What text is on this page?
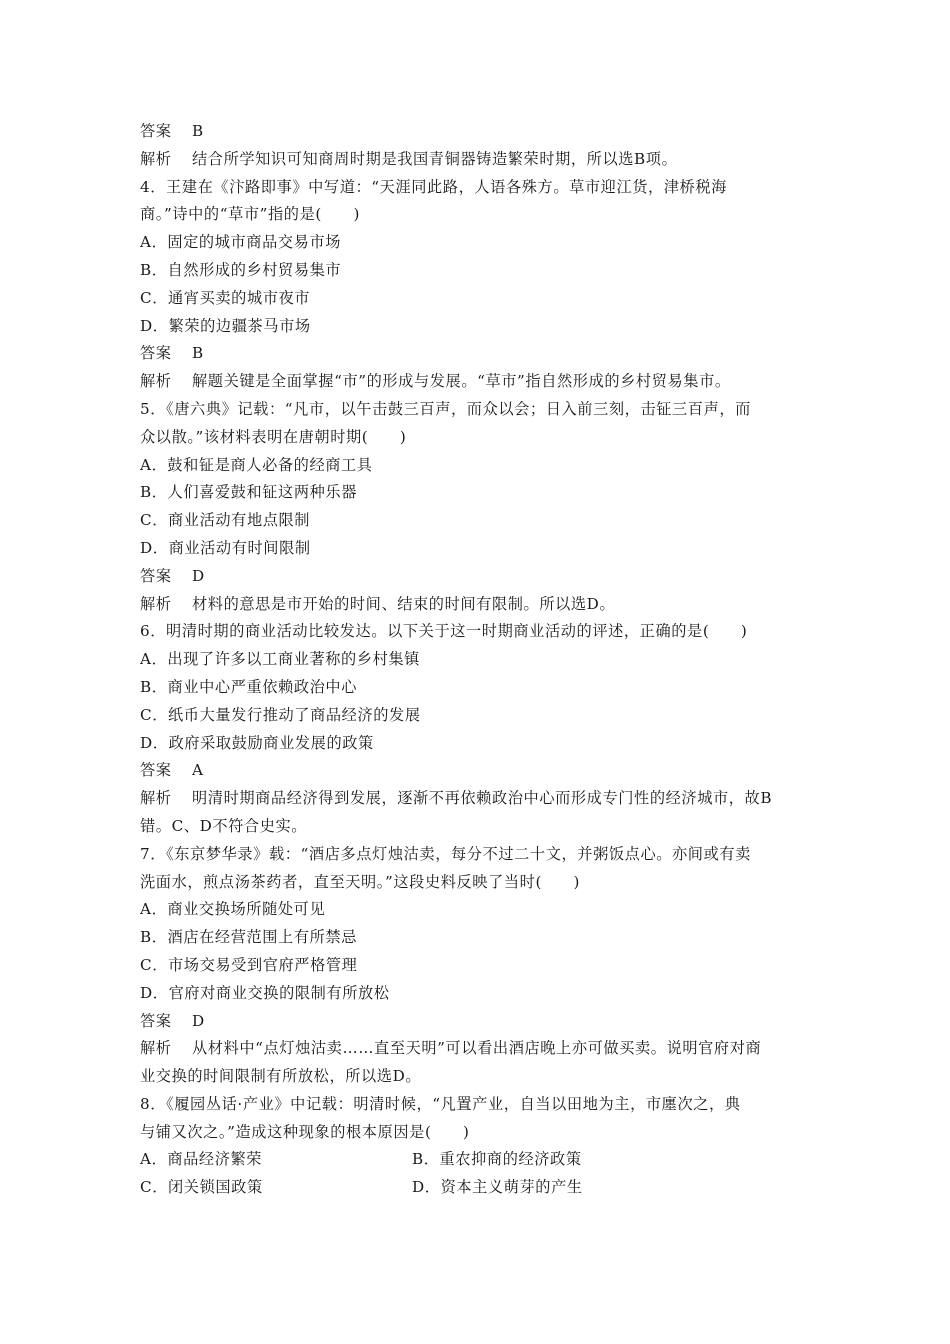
答案 B
解析 结合所学知识可知商周时期是我国青铜器铸造繁荣时期，所以选B项。
4．王建在《汴路即事》中写道：“天涯同此路，人语各殊方。草市迎江货，津桥税海
商。”诗中的“草市”指的是(　　)
A．固定的城市商品交易市场
B．自然形成的乡村贸易集市
C．通宵买卖的城市夜市
D．繁荣的边疆茶马市场
答案 B
解析 解题关键是全面掌握“市”的形成与发展。“草市”指自然形成的乡村贸易集市。
5．《唐六典》记载：“凡市，以午击鼓三百声，而众以会；日入前三刻，击钲三百声，而
众以散。”该材料表明在唐朝时期(　　)
A．鼓和钲是商人必备的经商工具
B．人们喜爱鼓和钲这两种乐器
C．商业活动有地点限制
D．商业活动有时间限制
答案 D
解析 材料的意思是市开始的时间、结束的时间有限制。所以选D。
6．明清时期的商业活动比较发达。以下关于这一时期商业活动的评述，正确的是(　　)
A．出现了许多以工商业著称的乡村集镇
B．商业中心严重依赖政治中心
C．纸币大量发行推动了商品经济的发展
D．政府采取鼓励商业发展的政策
答案 A
解析 明清时期商品经济得到发展，逐渐不再依赖政治中心而形成专门性的经济城市，故B
错。C、D不符合史实。
7．《东京梦华录》载：“酒店多点灯烛沽卖，每分不过二十文，并粥饭点心。亦间或有卖
洗面水，煎点汤茶药者，直至天明。”这段史料反映了当时(　　)
A．商业交换场所随处可见
B．酒店在经营范围上有所禁忌
C．市场交易受到官府严格管理
D．官府对商业交换的限制有所放松
答案 D
解析 从材料中“点灯烛沽卖……直至天明”可以看出酒店晚上亦可做买卖。说明官府对商
业交换的时间限制有所放松，所以选D。
8．《履园丛话·产业》中记载：明清时候，“凡置产业，自当以田地为主，市廛次之，典
与铺又次之。”造成这种现象的根本原因是(　　)
A．商品经济繁荣	B．重农抑商的经济政策
C．闭关锁国政策	D．资本主义萌芽的产生
